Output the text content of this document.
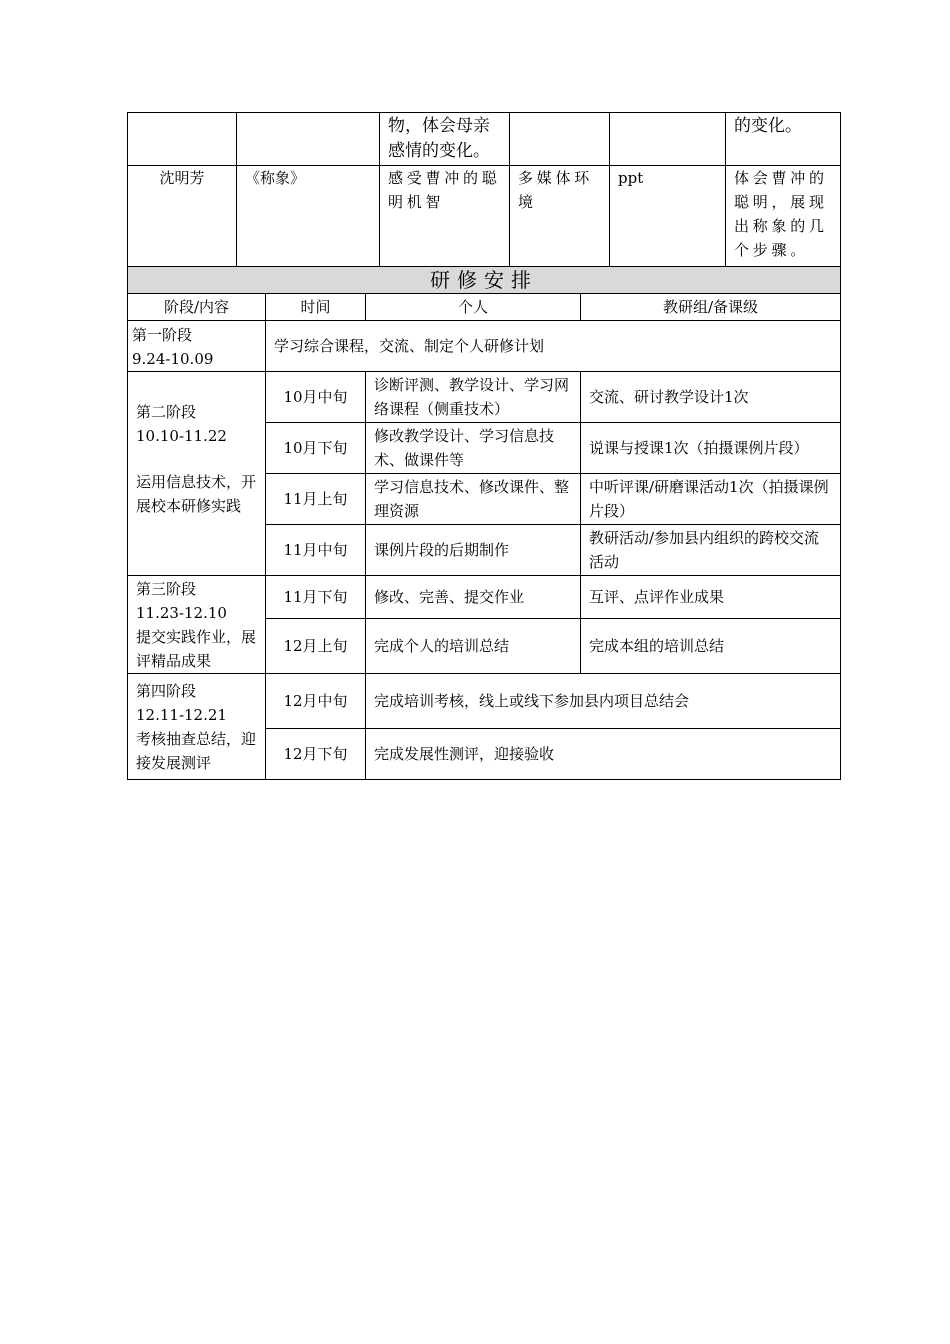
		物，体会母亲感情的变化。			的变化。
沈明芳	《称象》	感受曹冲的聪明机智	多媒体环境	ppt	体会曹冲的聪明，展现出称象的几个步骤。
研修安排			
阶段/内容	时间	个人	教研组/备课级

第一阶段
9.24-10.09	学习综合课程，交流、制定个人研修计划		

第二阶段
10.10-11.22
运用信息技术，开展校本研修实践	10月中旬	诊断评测、教学设计、学习网络课程（侧重技术）	交流、研讨教学设计1次
	10月下旬	修改教学设计、学习信息技术、做课件等	说课与授课1次（拍摄课例片段）
	11月上旬	学习信息技术、修改课件、整理资源	中听评课/研磨课活动1次（拍摄课例片段）
	11月中旬	课例片段的后期制作	教研活动/参加县内组织的跨校交流活动

第三阶段
11.23-12.10
提交实践作业，展评精品成果	11月下旬	修改、完善、提交作业	互评、点评作业成果
	12月上旬	完成个人的培训总结	完成本组的培训总结

第四阶段
12.11-12.21
考核抽查总结，迎接发展测评	12月中旬	完成培训考核，线上或线下参加县内项目总结会	
	12月下旬	完成发展性测评，迎接验收	
